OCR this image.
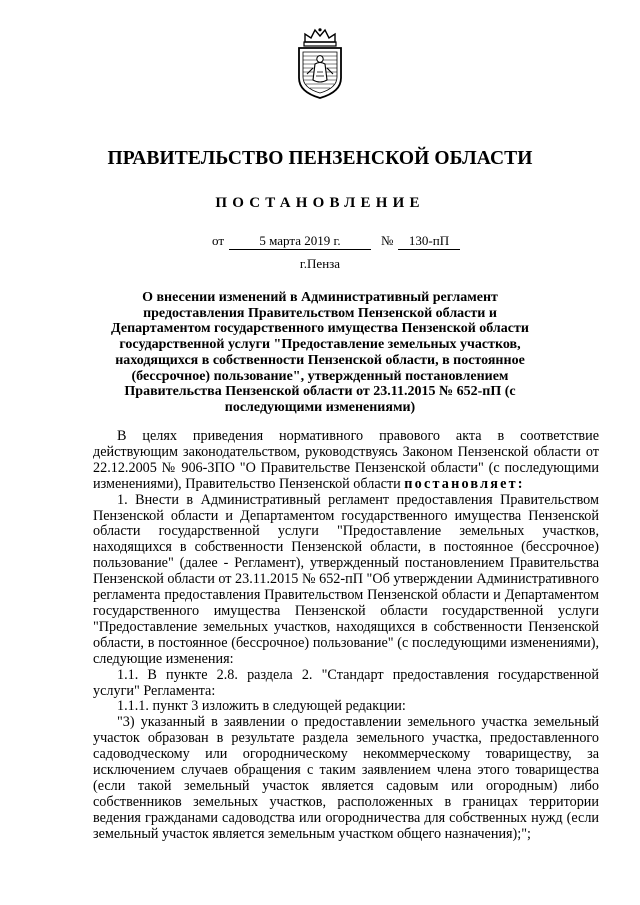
ПРАВИТЕЛЬСТВО ПЕНЗЕНСКОЙ ОБЛАСТИ
ПОСТАНОВЛЕНИЕ
от	5 марта 2019 г.	№	130-пП
г.Пенза
О внесении изменений в Административный регламент предоставления Правительством Пензенской области и Департаментом государственного имущества Пензенской области государственной услуги "Предоставление земельных участков, находящихся в собственности Пензенской области, в постоянное (бессрочное) пользование", утвержденный постановлением Правительства Пензенской области от 23.11.2015 № 652-пП (с последующими изменениями)

В целях приведения нормативного правового акта в соответствие действующим законодательством, руководствуясь Законом Пензенской области от 22.12.2005 № 906-ЗПО "О Правительстве Пензенской области" (с последующими изменениями), Правительство Пензенской области постановляет:

1. Внести в Административный регламент предоставления Правительством Пензенской области и Департаментом государственного имущества Пензенской области государственной услуги "Предоставление земельных участков, находящихся в собственности Пензенской области, в постоянное (бессрочное) пользование" (далее - Регламент), утвержденный постановлением Правительства Пензенской области от 23.11.2015 № 652-пП "Об утверждении Административного регламента предоставления Правительством Пензенской области и Департаментом государственного имущества Пензенской области государственной услуги "Предоставление земельных участков, находящихся в собственности Пензенской области, в постоянное (бессрочное) пользование" (с последующими изменениями), следующие изменения:

1.1. В пункте 2.8. раздела 2. "Стандарт предоставления государственной услуги" Регламента:

1.1.1. пункт 3 изложить в следующей редакции:

"3) указанный в заявлении о предоставлении земельного участка земельный участок образован в результате раздела земельного участка, предоставленного садоводческому или огородническому некоммерческому товариществу, за исключением случаев обращения с таким заявлением члена этого товарищества (если такой земельный участок является садовым или огородным) либо собственников земельных участков, расположенных в границах территории ведения гражданами садоводства или огородничества для собственных нужд (если земельный участок является земельным участком общего назначения);";
